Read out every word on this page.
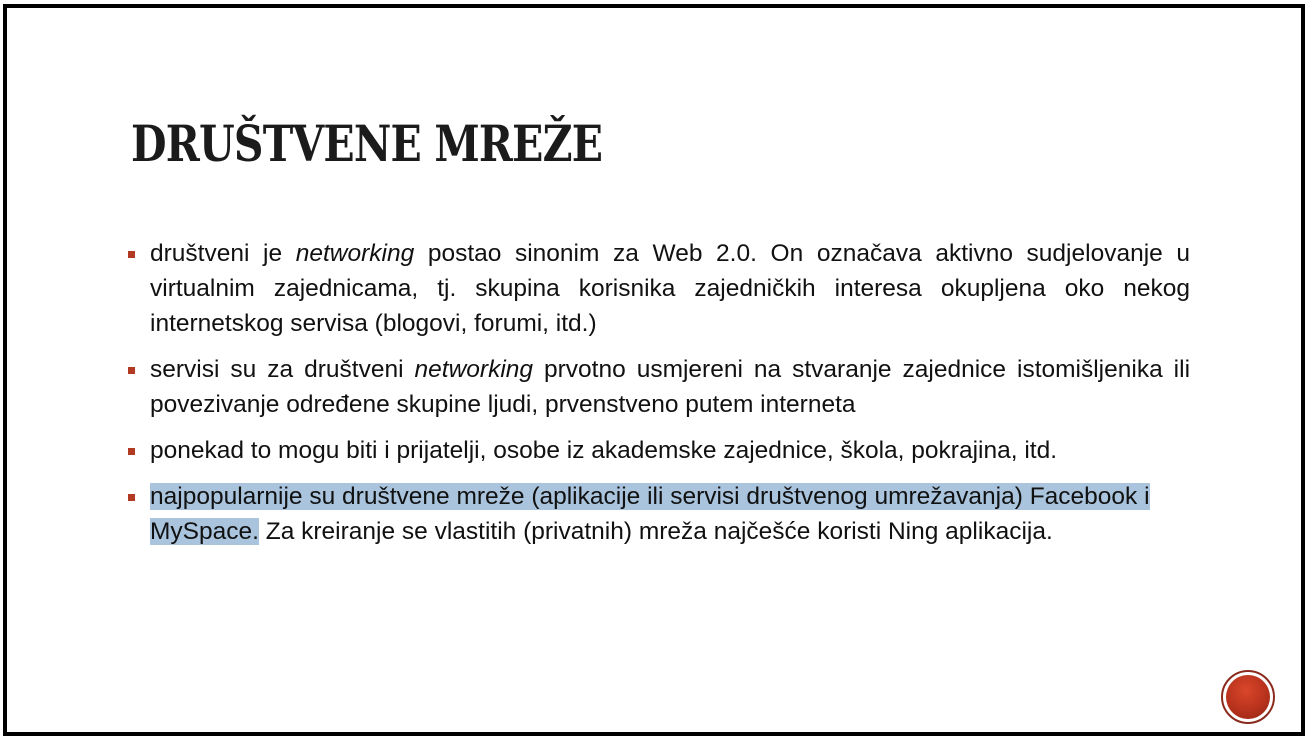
DRUŠTVENE MREŽE
društveni je networking postao sinonim za Web 2.0. On označava aktivno sudjelovanje u virtualnim zajednicama, tj. skupina korisnika zajedničkih interesa okupljena oko nekog internetskog servisa (blogovi, forumi, itd.)
servisi su za društveni networking prvotno usmjereni na stvaranje zajednice istomišljenika ili povezivanje određene skupine ljudi, prvenstveno putem interneta
ponekad to mogu biti i prijatelji, osobe iz akademske zajednice, škola, pokrajina, itd.
najpopularnije su društvene mreže (aplikacije ili servisi društvenog umrežavanja) Facebook i MySpace. Za kreiranje se vlastitih (privatnih) mreža najčešće koristi Ning aplikacija.
